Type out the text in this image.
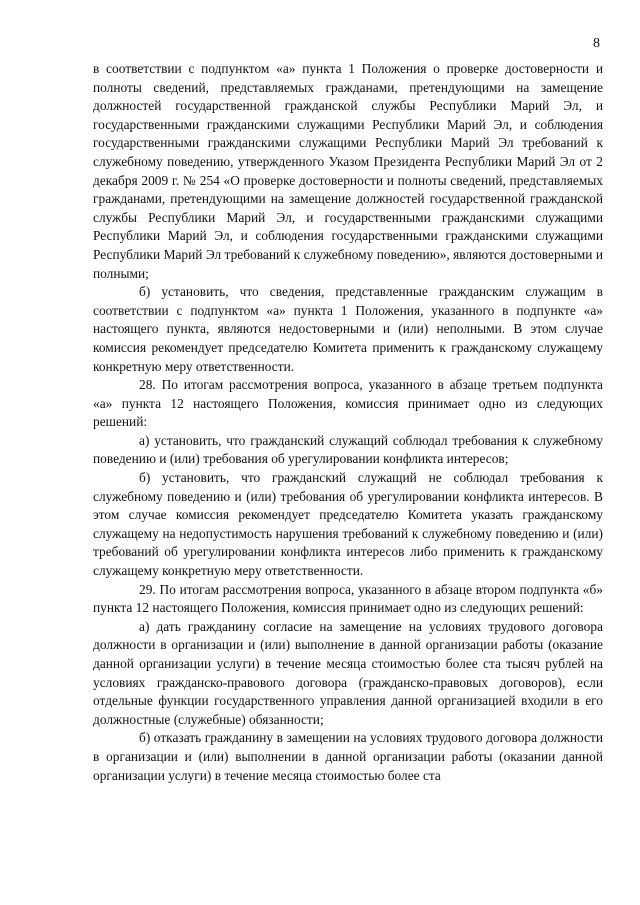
8

в соответствии с подпунктом «а» пункта 1 Положения о проверке достоверности и полноты сведений, представляемых гражданами, претендующими на замещение должностей государственной гражданской службы Республики Марий Эл, и государственными гражданскими служащими Республики Марий Эл, и соблюдения государственными гражданскими служащими Республики Марий Эл требований к служебному поведению, утвержденного Указом Президента Республики Марий Эл от 2 декабря 2009 г. № 254 «О проверке достоверности и полноты сведений, представляемых гражданами, претендующими на замещение должностей государственной гражданской службы Республики Марий Эл, и государственными гражданскими служащими Республики Марий Эл, и соблюдения государственными гражданскими служащими Республики Марий Эл требований к служебному поведению», являются достоверными и полными;

б) установить, что сведения, представленные гражданским служащим в соответствии с подпунктом «а» пункта 1 Положения, указанного в подпункте «а» настоящего пункта, являются недостоверными и (или) неполными. В этом случае комиссия рекомендует председателю Комитета применить к гражданскому служащему конкретную меру ответственности.

28. По итогам рассмотрения вопроса, указанного в абзаце третьем подпункта «а» пункта 12 настоящего Положения, комиссия принимает одно из следующих решений:

а) установить, что гражданский служащий соблюдал требования к служебному поведению и (или) требования об урегулировании конфликта интересов;

б) установить, что гражданский служащий не соблюдал требования к служебному поведению и (или) требования об урегулировании конфликта интересов. В этом случае комиссия рекомендует председателю Комитета указать гражданскому служащему на недопустимость нарушения требований к служебному поведению и (или) требований об урегулировании конфликта интересов либо применить к гражданскому служащему конкретную меру ответственности.

29. По итогам рассмотрения вопроса, указанного в абзаце втором подпункта «б» пункта 12 настоящего Положения, комиссия принимает одно из следующих решений:

а) дать гражданину согласие на замещение на условиях трудового договора должности в организации и (или) выполнение в данной организации работы (оказание данной организации услуги) в течение месяца стоимостью более ста тысяч рублей на условиях гражданско-правового договора (гражданско-правовых договоров), если отдельные функции государственного управления данной организацией входили в его должностные (служебные) обязанности;

б) отказать гражданину в замещении на условиях трудового договора должности в организации и (или) выполнении в данной организации работы (оказании данной организации услуги) в течение месяца стоимостью более ста
